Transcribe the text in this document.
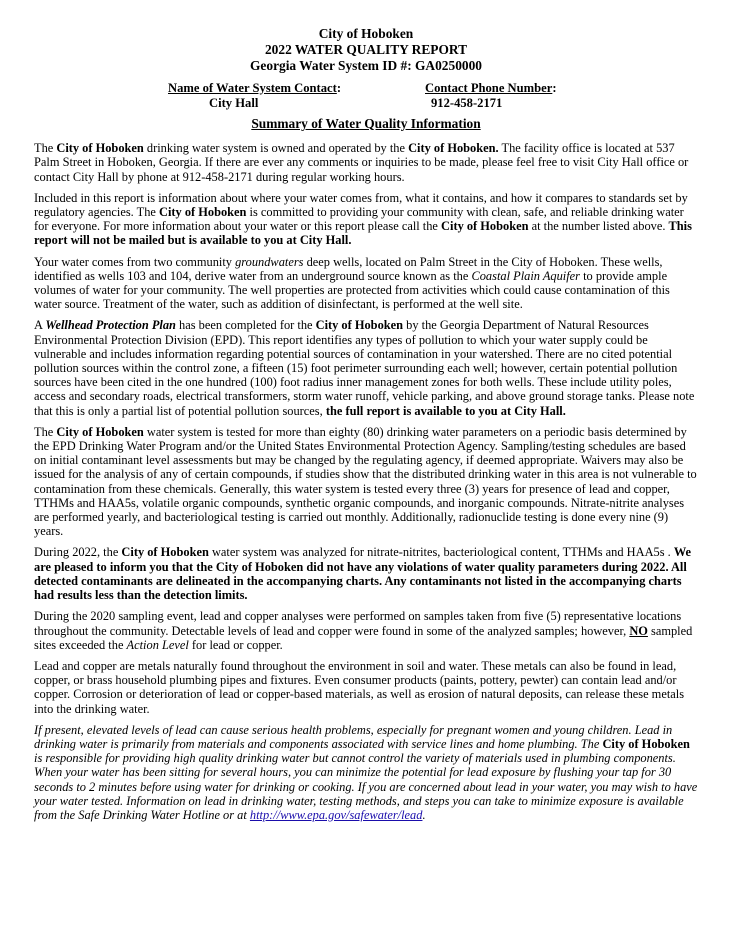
City of Hoboken
2022 WATER QUALITY REPORT
Georgia Water System ID #: GA0250000
Name of Water System Contact:
City Hall
Contact Phone Number:
912-458-2171
Summary of Water Quality Information

The City of Hoboken drinking water system is owned and operated by the City of Hoboken. The facility office is located at 537 Palm Street in Hoboken, Georgia. If there are ever any comments or inquiries to be made, please feel free to visit City Hall office or contact City Hall by phone at 912-458-2171 during regular working hours.

Included in this report is information about where your water comes from, what it contains, and how it compares to standards set by regulatory agencies. The City of Hoboken is committed to providing your community with clean, safe, and reliable drinking water for everyone. For more information about your water or this report please call the City of Hoboken at the number listed above. This report will not be mailed but is available to you at City Hall.

Your water comes from two community groundwaters deep wells, located on Palm Street in the City of Hoboken. These wells, identified as wells 103 and 104, derive water from an underground source known as the Coastal Plain Aquifer to provide ample volumes of water for your community. The well properties are protected from activities which could cause contamination of this water source. Treatment of the water, such as addition of disinfectant, is performed at the well site.

A Wellhead Protection Plan has been completed for the City of Hoboken by the Georgia Department of Natural Resources Environmental Protection Division (EPD). This report identifies any types of pollution to which your water supply could be vulnerable and includes information regarding potential sources of contamination in your watershed. There are no cited potential pollution sources within the control zone, a fifteen (15) foot perimeter surrounding each well; however, certain potential pollution sources have been cited in the one hundred (100) foot radius inner management zones for both wells. These include utility poles, access and secondary roads, electrical transformers, storm water runoff, vehicle parking, and above ground storage tanks. Please note that this is only a partial list of potential pollution sources, the full report is available to you at City Hall.

The City of Hoboken water system is tested for more than eighty (80) drinking water parameters on a periodic basis determined by the EPD Drinking Water Program and/or the United States Environmental Protection Agency. Sampling/testing schedules are based on initial contaminant level assessments but may be changed by the regulating agency, if deemed appropriate. Waivers may also be issued for the analysis of any of certain compounds, if studies show that the distributed drinking water in this area is not vulnerable to contamination from these chemicals. Generally, this water system is tested every three (3) years for presence of lead and copper, TTHMs and HAA5s, volatile organic compounds, synthetic organic compounds, and inorganic compounds. Nitrate-nitrite analyses are performed yearly, and bacteriological testing is carried out monthly. Additionally, radionuclide testing is done every nine (9) years.

During 2022, the City of Hoboken water system was analyzed for nitrate-nitrites, bacteriological content, TTHMs and HAA5s . We are pleased to inform you that the City of Hoboken did not have any violations of water quality parameters during 2022. All detected contaminants are delineated in the accompanying charts. Any contaminants not listed in the accompanying charts had results less than the detection limits.

During the 2020 sampling event, lead and copper analyses were performed on samples taken from five (5) representative locations throughout the community. Detectable levels of lead and copper were found in some of the analyzed samples; however, NO sampled sites exceeded the Action Level for lead or copper.

Lead and copper are metals naturally found throughout the environment in soil and water. These metals can also be found in lead, copper, or brass household plumbing pipes and fixtures. Even consumer products (paints, pottery, pewter) can contain lead and/or copper. Corrosion or deterioration of lead or copper-based materials, as well as erosion of natural deposits, can release these metals into the drinking water.

If present, elevated levels of lead can cause serious health problems, especially for pregnant women and young children. Lead in drinking water is primarily from materials and components associated with service lines and home plumbing. The City of Hoboken is responsible for providing high quality drinking water but cannot control the variety of materials used in plumbing components. When your water has been sitting for several hours, you can minimize the potential for lead exposure by flushing your tap for 30 seconds to 2 minutes before using water for drinking or cooking. If you are concerned about lead in your water, you may wish to have your water tested. Information on lead in drinking water, testing methods, and steps you can take to minimize exposure is available from the Safe Drinking Water Hotline or at http://www.epa.gov/safewater/lead.
